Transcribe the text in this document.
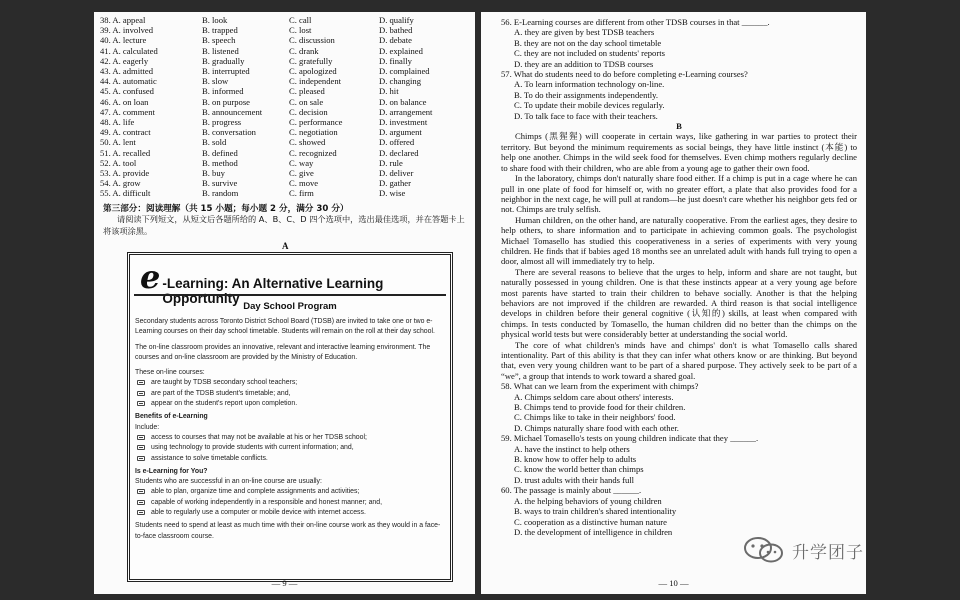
38. A. appeal	B. look	C. call	D. qualify
39. A. involved	B. trapped	C. lost	D. bathed
40. A. lecture	B. speech	C. discussion	D. debate
41. A. calculated	B. listened	C. drank	D. explained
42. A. eagerly	B. gradually	C. gratefully	D. finally
43. A. admitted	B. interrupted	C. apologized	D. complained
44. A. automatic	B. slow	C. independent	D. changing
45. A. confused	B. informed	C. pleased	D. hit
46. A. on loan	B. on purpose	C. on sale	D. on balance
47. A. comment	B. announcement	C. decision	D. arrangement
48. A. life	B. progress	C. performance	D. investment
49. A. contract	B. conversation	C. negotiation	D. argument
50. A. lent	B. sold	C. showed	D. offered
51. A. recalled	B. defined	C. recognized	D. declared
52. A. tool	B. method	C. way	D. rule
53. A. provide	B. buy	C. give	D. deliver
54. A. grow	B. survive	C. move	D. gather
55. A. difficult	B. random	C. firm	D. wise
第三部分：阅读理解（共 15 小题；每小题 2 分，满分 30 分）
请阅读下列短文，从短文后各题所给的 A、B、C、D 四个选项中，选出最佳选项，并在答题卡上将该项涂黑。
A
e -Learning: An Alternative Learning Opportunity
Day School Program

Secondary students across Toronto District School Board (TDSB) are invited to take one or two e-Learning courses on their day school timetable. Students will remain on the roll at their day school.

The on-line classroom provides an innovative, relevant and interactive learning environment. The courses and on-line classroom are provided by the Ministry of Education.

These on-line courses:

are taught by TDSB secondary school teachers;
are part of the TDSB student's timetable; and,
appear on the student's report upon completion.

Benefits of e-Learning

Include:

access to courses that may not be available at his or her TDSB school;
using technology to provide students with current information; and,
assistance to solve timetable conflicts.

Is e-Learning for You?

Students who are successful in an on-line course are usually:

able to plan, organize time and complete assignments and activities;
capable of working independently in a responsible and honest manner; and,
able to regularly use a computer or mobile device with internet access.

Students need to spend at least as much time with their on-line course work as they would in a face-to-face classroom course.

— 9 —

56. E-Learning courses are different from other TDSB courses in that ______.

A. they are given by best TDSB teachers

B. they are not on the day school timetable

C. they are not included on students' reports

D. they are an addition to TDSB courses

57. What do students need to do before completing e-Learning courses?

A. To learn information technology on-line.

B. To do their assignments independently.

C. To update their mobile devices regularly.

D. To talk face to face with their teachers.

B

Chimps (黑猩猩) will cooperate in certain ways, like gathering in war parties to protect their territory. But beyond the minimum requirements as social beings, they have little instinct (本能) to help one another. Chimps in the wild seek food for themselves. Even chimp mothers regularly decline to share food with their children, who are able from a young age to gather their own food.

In the laboratory, chimps don't naturally share food either. If a chimp is put in a cage where he can pull in one plate of food for himself or, with no greater effort, a plate that also provides food for a neighbor in the next cage, he will pull at random—he just doesn't care whether his neighbor gets fed or not. Chimps are truly selfish.

Human children, on the other hand, are naturally cooperative. From the earliest ages, they desire to help others, to share information and to participate in achieving common goals. The psychologist Michael Tomasello has studied this cooperativeness in a series of experiments with very young children. He finds that if babies aged 18 months see an unrelated adult with hands full trying to open a door, almost all will immediately try to help.

There are several reasons to believe that the urges to help, inform and share are not taught, but naturally possessed in young children. One is that these instincts appear at a very young age before most parents have started to train their children to behave socially. Another is that the helping behaviors are not improved if the children are rewarded. A third reason is that social intelligence develops in children before their general cognitive (认知的) skills, at least when compared with chimps. In tests conducted by Tomasello, the human children did no better than the chimps on the physical world tests but were considerably better at understanding the social world.

The core of what children's minds have and chimps' don't is what Tomasello calls shared intentionality. Part of this ability is that they can infer what others know or are thinking. But beyond that, even very young children want to be part of a shared purpose. They actively seek to be part of a “we”, a group that intends to work toward a shared goal.

58. What can we learn from the experiment with chimps?

A. Chimps seldom care about others' interests.

B. Chimps tend to provide food for their children.

C. Chimps like to take in their neighbors' food.

D. Chimps naturally share food with each other.

59. Michael Tomasello's tests on young children indicate that they ______.

A. have the instinct to help others

B. know how to offer help to adults

C. know the world better than chimps

D. trust adults with their hands full

60. The passage is mainly about ______.

A. the helping behaviors of young children

B. ways to train children's shared intentionality

C. cooperation as a distinctive human nature

D. the development of intelligence in children

— 10 —
升学团子
